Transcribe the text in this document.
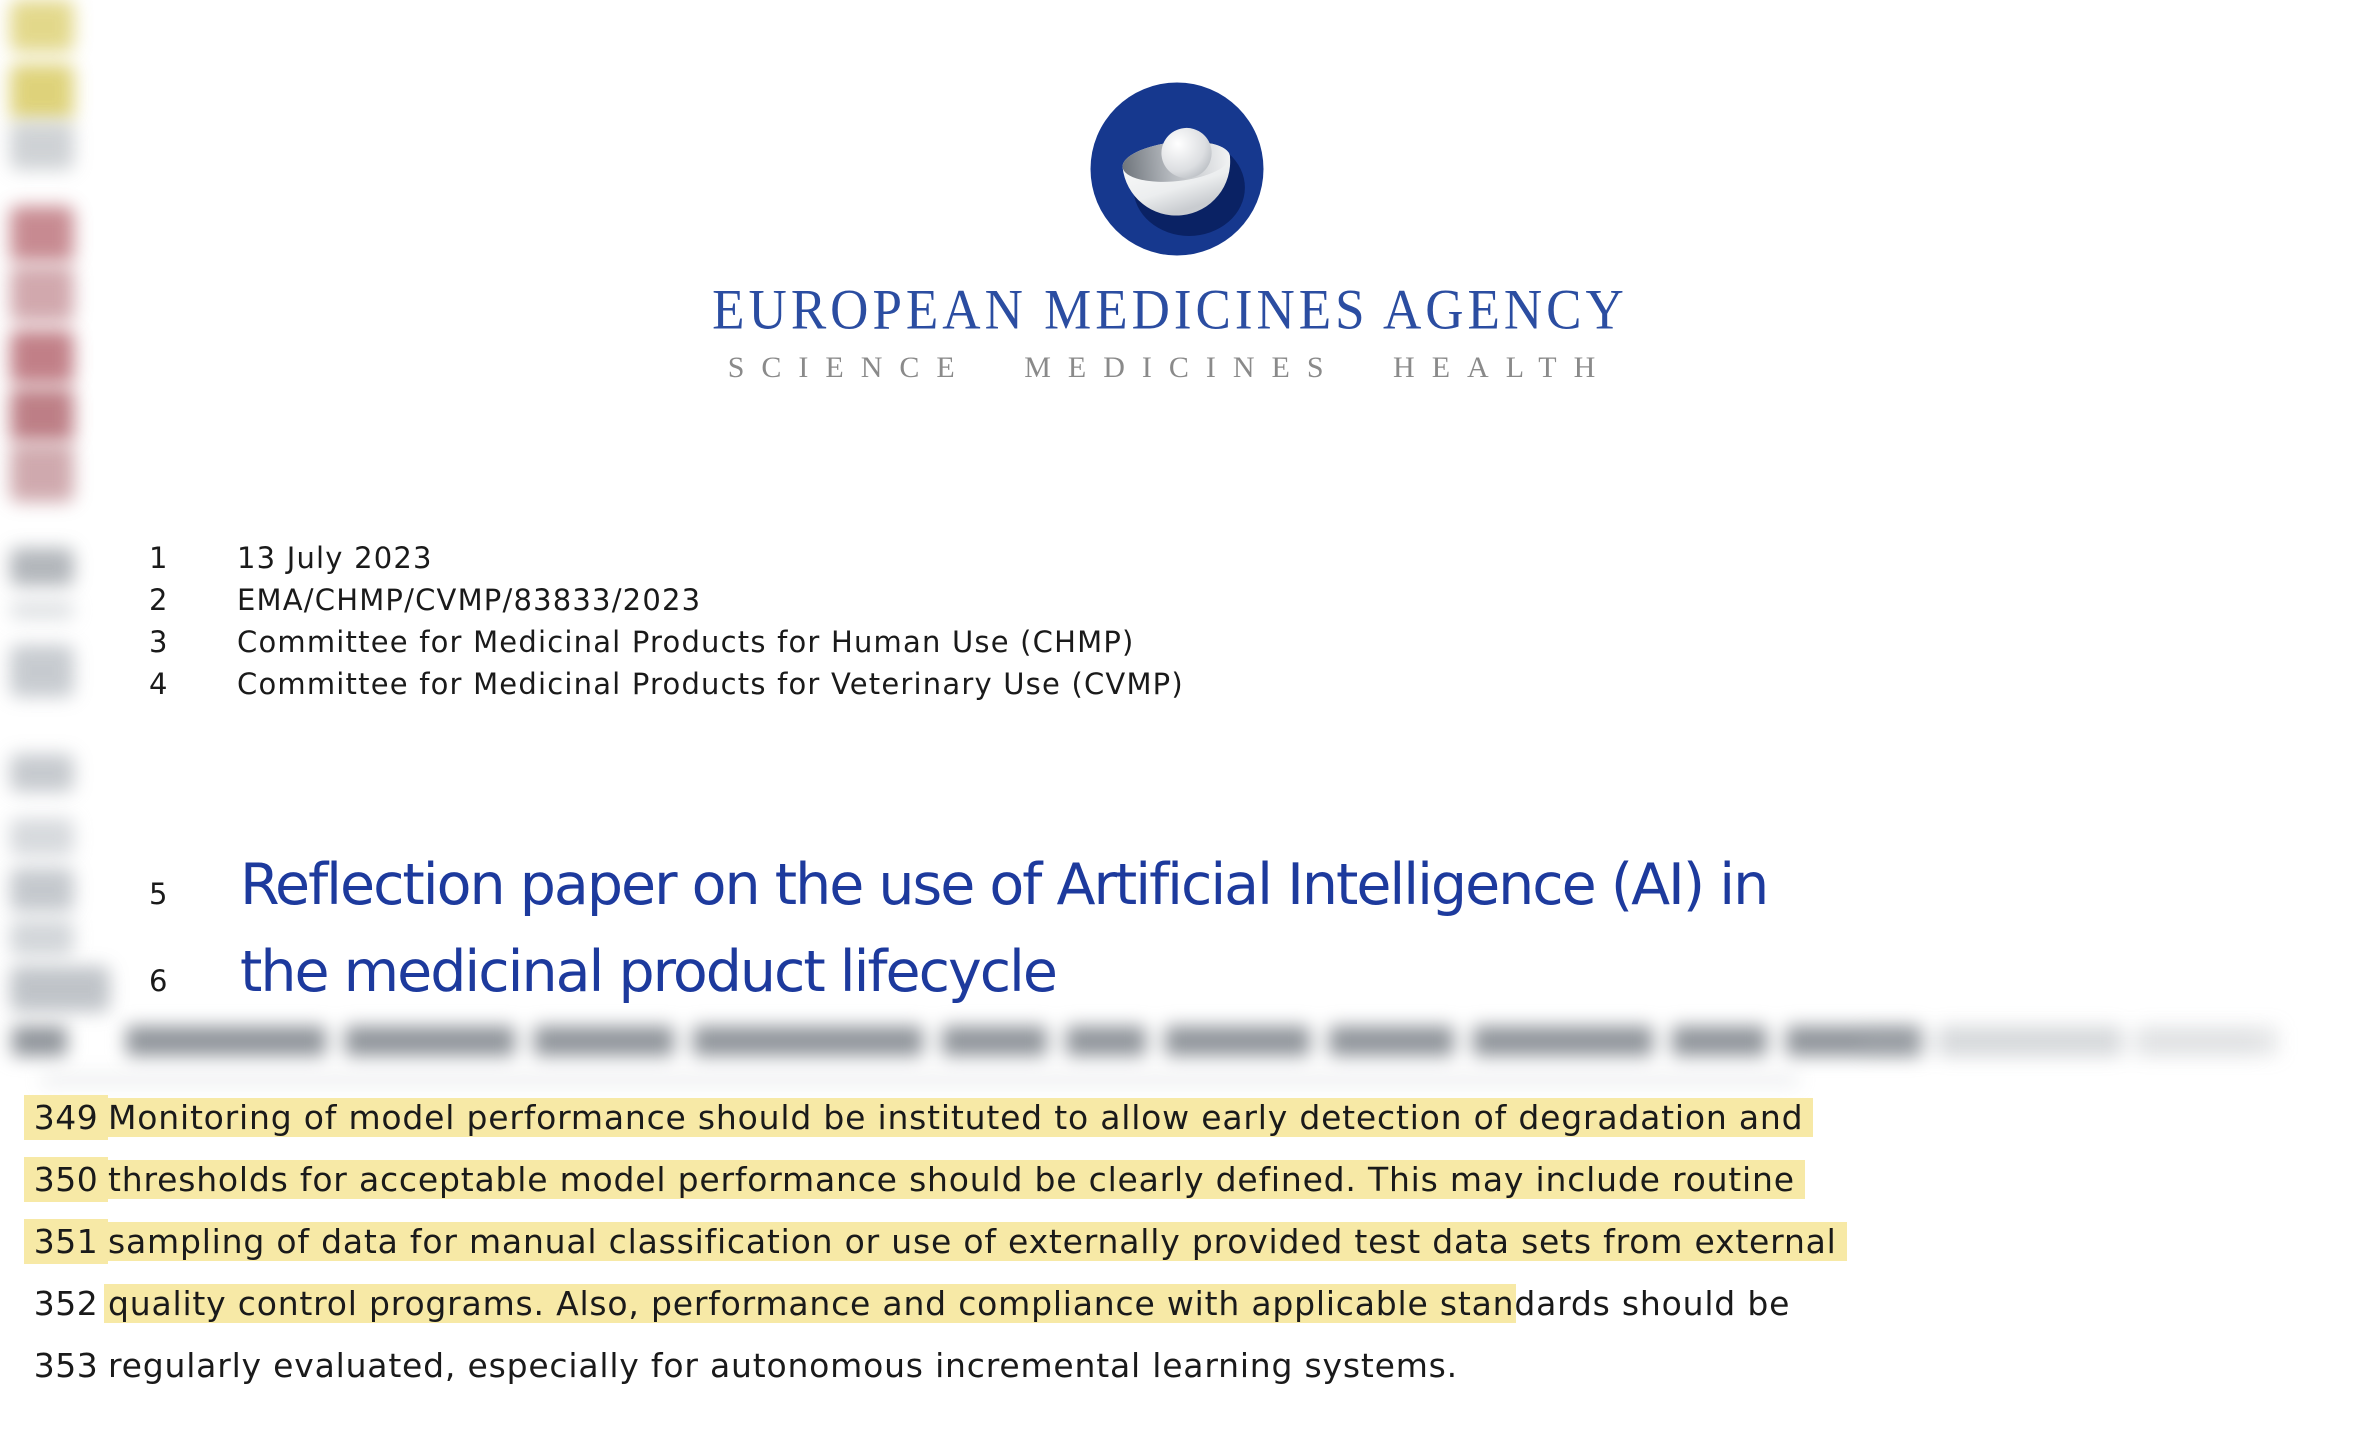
EUROPEAN MEDICINES AGENCY
SCIENCE MEDICINES HEALTH
1	13 July 2023
2	EMA/CHMP/CVMP/83833/2023
3	Committee for Medicinal Products for Human Use (CHMP)
4	Committee for Medicinal Products for Veterinary Use (CVMP)
5	Reflection paper on the use of Artificial Intelligence (AI) in
6	the medicinal product lifecycle
349 Monitoring of model performance should be instituted to allow early detection of degradation and
350 thresholds for acceptable model performance should be clearly defined. This may include routine
351 sampling of data for manual classification or use of externally provided test data sets from external
352 quality control programs. Also, performance and compliance with applicable standards should be
353 regularly evaluated, especially for autonomous incremental learning systems.
